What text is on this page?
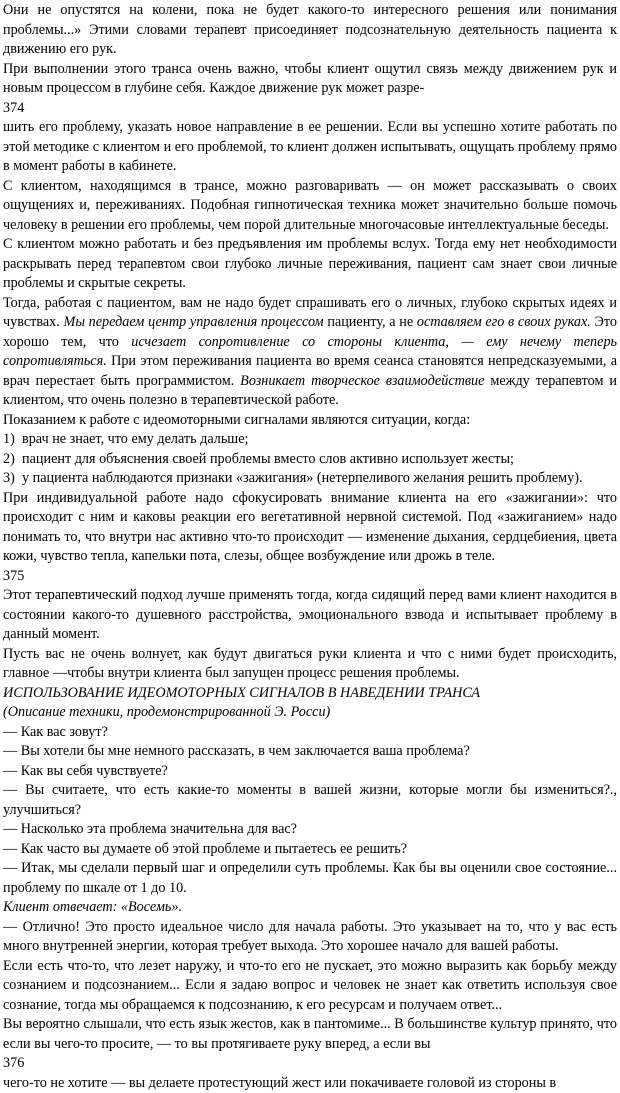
Они не опустятся на колени, пока не будет какого-то интересного решения или понимания проблемы...» Этими словами терапевт присоединяет подсознательную деятельность пациента к движению его рук.

При выполнении этого транса очень важно, чтобы клиент ощутил связь между движением рук и новым процессом в глубине себя. Каждое движение рук может разре-

374

шить его проблему, указать новое направление в ее решении. Если вы успешно хотите работать по этой методике с клиентом и его проблемой, то клиент должен испытывать, ощущать проблему прямо в момент работы в кабинете.

С клиентом, находящимся в трансе, можно разговаривать — он может рассказывать о своих ощущениях и, переживаниях. Подобная гипнотическая техника может значительно больше помочь человеку в решении его проблемы, чем порой длительные многочасовые интеллектуальные беседы.

С клиентом можно работать и без предъявления им проблемы вслух. Тогда ему нет необходимости раскрывать перед терапевтом свои глубоко личные переживания, пациент сам знает свои личные проблемы и скрытые секреты.

Тогда, работая с пациентом, вам не надо будет спрашивать его о личных, глубоко скрытых идеях и чувствах. Мы передаем центр управления процессом пациенту, а не оставляем его в своих руках. Это хорошо тем, что исчезает сопротивление со стороны клиента, — ему нечему теперь сопротивляться. При этом переживания пациента во время сеанса становятся непредсказуемыми, а врач перестает быть программистом. Возникает творческое взаимодействие между терапевтом и клиентом, что очень полезно в терапевтической работе.

Показанием к работе с идеомоторными сигналами являются ситуации, когда:

1) врач не знает, что ему делать дальше;
2) пациент для объяснения своей проблемы вместо слов активно использует жесты;
3) у пациента наблюдаются признаки «зажигания» (нетерпеливого желания решить проблему).

При индивидуальной работе надо сфокусировать внимание клиента на его «зажигании»: что происходит с ним и каковы реакции его вегетативной нервной системой. Под «зажиганием» надо понимать то, что внутри нас активно что-то происходит — изменение дыхания, сердцебиения, цвета кожи, чувство тепла, капельки пота, слезы, общее возбуждение или дрожь в теле.

375

Этот терапевтический подход лучше применять тогда, когда сидящий перед вами клиент находится в состоянии какого-то душевного расстройства, эмоционального взвода и испытывает проблему в данный момент.

Пусть вас не очень волнует, как будут двигаться руки клиента и что с ними будет происходить, главное —чтобы внутри клиента был запущен процесс решения проблемы.

ИСПОЛЬЗОВАНИЕ ИДЕОМОТОРНЫХ СИГНАЛОВ В НАВЕДЕНИИ ТРАНСА

(Описание техники, продемонстрированной Э. Росси)

— Как вас зовут?

— Вы хотели бы мне немного рассказать, в чем заключается ваша проблема?

— Как вы себя чувствуете?

— Вы считаете, что есть какие-то моменты в вашей жизни, которые могли бы измениться?., улучшиться?

— Насколько эта проблема значительна для вас?

— Как часто вы думаете об этой проблеме и пытаетесь ее решить?

— Итак, мы сделали первый шаг и определили суть проблемы. Как бы вы оценили свое состояние... проблему по шкале от 1 до 10.

Клиент отвечает: «Восемь».

— Отлично! Это просто идеальное число для начала работы. Это указывает на то, что у вас есть много внутренней энергии, которая требует выхода. Это хорошее начало для вашей работы.

Если есть что-то, что лезет наружу, и что-то его не пускает, это можно выразить как борьбу между сознанием и подсознанием... Если я задаю вопрос и человек не знает как ответить используя свое сознание, тогда мы обращаемся к подсознанию, к его ресурсам и получаем ответ...

Вы вероятно слышали, что есть язык жестов, как в пантомиме... В большинстве культур принято, что если вы чего-то просите, — то вы протягиваете руку вперед, а если вы

376

чего-то не хотите — вы делаете протестующий жест или покачиваете головой из стороны в
